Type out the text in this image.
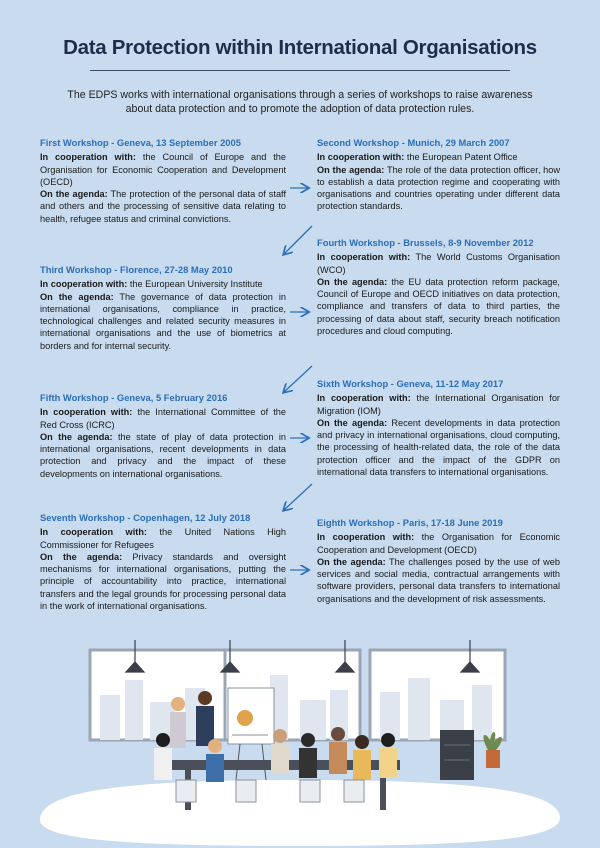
Data Protection within International Organisations
The EDPS works with international organisations through a series of workshops to raise awareness about data protection and to promote the adoption of data protection rules.
First Workshop - Geneva, 13 September 2005
In cooperation with: the Council of Europe and the Organisation for Economic Cooperation and Development (OECD)
On the agenda: The protection of the personal data of staff and others and the processing of sensitive data relating to health, refugee status and criminal convictions.
Second Workshop - Munich, 29 March 2007
In cooperation with: the European Patent Office
On the agenda: The role of the data protection officer, how to establish a data protection regime and cooperating with organisations and countries operating under different data protection standards.
Third Workshop - Florence, 27-28 May 2010
In cooperation with: the European University Institute
On the agenda: The governance of data protection in international organisations, compliance in practice, technological challenges and related security measures in international organisations and the use of biometrics at borders and for internal security.
Fourth Workshop - Brussels, 8-9 November 2012
In cooperation with: The World Customs Organisation (WCO)
On the agenda: the EU data protection reform package, Council of Europe and OECD initiatives on data protection, compliance and transfers of data to third parties, the processing of data about staff, security breach notification procedures and cloud computing.
Fifth Workshop - Geneva, 5 February 2016
In cooperation with: the International Committee of the Red Cross (ICRC)
On the agenda: the state of play of data protection in international organisations, recent developments in data protection and privacy and the impact of these developments on international organisations.
Sixth Workshop - Geneva, 11-12 May 2017
In cooperation with: the International Organisation for Migration (IOM)
On the agenda: Recent developments in data protection and privacy in international organisations, cloud computing, the processing of health-related data, the role of the data protection officer and the impact of the GDPR on international data transfers to international organisations.
Seventh Workshop - Copenhagen, 12 July 2018
In cooperation with: the United Nations High Commissioner for Refugees
On the agenda: Privacy standards and oversight mechanisms for international organisations, putting the principle of accountability into practice, international transfers and the legal grounds for processing personal data in the work of international organisations.
Eighth Workshop - Paris, 17-18 June 2019
In cooperation with: the Organisation for Economic Cooperation and Development (OECD)
On the agenda: The challenges posed by the use of web services and social media, contractual arrangements with software providers, personal data transfers to international organisations and the development of risk assessments.
